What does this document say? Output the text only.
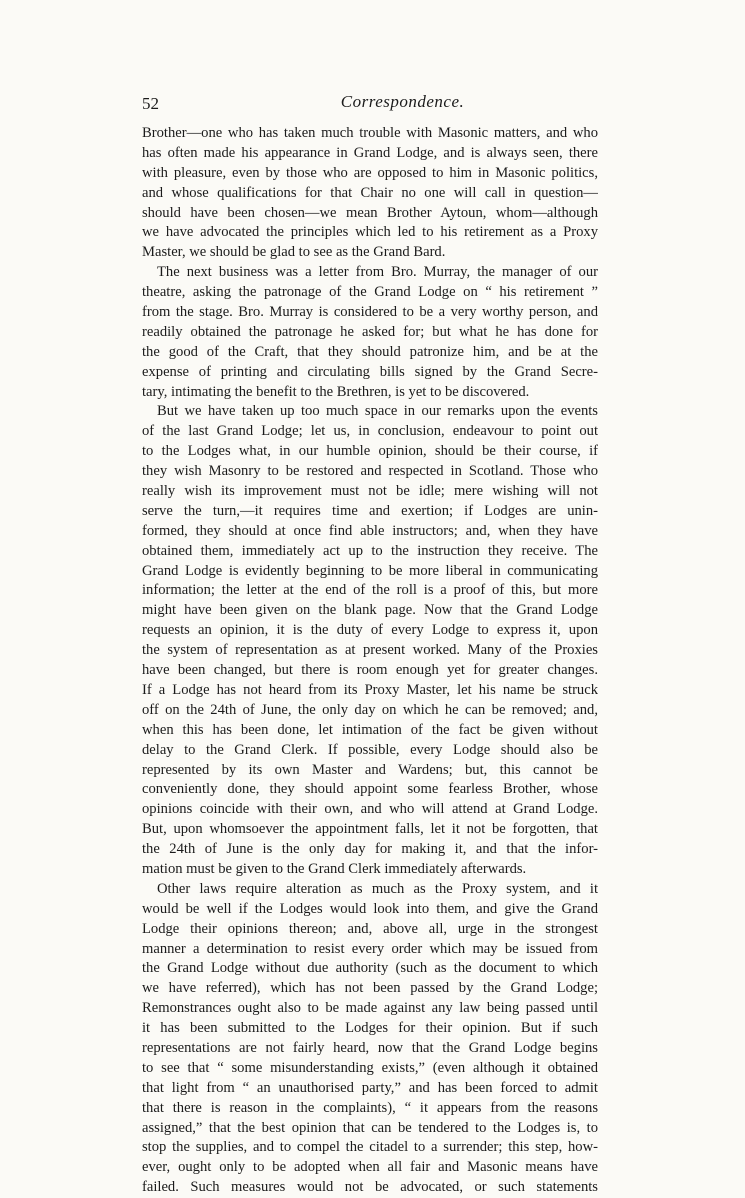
52	Correspondence.
Brother—one who has taken much trouble with Masonic matters, and who
has often made his appearance in Grand Lodge, and is always seen, there
with pleasure, even by those who are opposed to him in Masonic politics,
and whose qualifications for that Chair no one will call in question—
should have been chosen—we mean Brother Aytoun, whom—although
we have advocated the principles which led to his retirement as a Proxy
Master, we should be glad to see as the Grand Bard.
The next business was a letter from Bro. Murray, the manager of our
theatre, asking the patronage of the Grand Lodge on “ his retirement ”
from the stage. Bro. Murray is considered to be a very worthy person, and
readily obtained the patronage he asked for; but what he has done for
the good of the Craft, that they should patronize him, and be at the
expense of printing and circulating bills signed by the Grand Secre-
tary, intimating the benefit to the Brethren, is yet to be discovered.
But we have taken up too much space in our remarks upon the events
of the last Grand Lodge; let us, in conclusion, endeavour to point out
to the Lodges what, in our humble opinion, should be their course, if
they wish Masonry to be restored and respected in Scotland. Those who
really wish its improvement must not be idle; mere wishing will not
serve the turn,—it requires time and exertion; if Lodges are unin-
formed, they should at once find able instructors; and, when they have
obtained them, immediately act up to the instruction they receive. The
Grand Lodge is evidently beginning to be more liberal in communicating
information; the letter at the end of the roll is a proof of this, but more
might have been given on the blank page. Now that the Grand Lodge
requests an opinion, it is the duty of every Lodge to express it, upon
the system of representation as at present worked. Many of the Proxies
have been changed, but there is room enough yet for greater changes.
If a Lodge has not heard from its Proxy Master, let his name be struck
off on the 24th of June, the only day on which he can be removed; and,
when this has been done, let intimation of the fact be given without
delay to the Grand Clerk. If possible, every Lodge should also be
represented by its own Master and Wardens; but, this cannot be
conveniently done, they should appoint some fearless Brother, whose
opinions coincide with their own, and who will attend at Grand Lodge.
But, upon whomsoever the appointment falls, let it not be forgotten, that
the 24th of June is the only day for making it, and that the infor-
mation must be given to the Grand Clerk immediately afterwards.
Other laws require alteration as much as the Proxy system, and it
would be well if the Lodges would look into them, and give the Grand
Lodge their opinions thereon; and, above all, urge in the strongest
manner a determination to resist every order which may be issued from
the Grand Lodge without due authority (such as the document to which
we have referred), which has not been passed by the Grand Lodge;
Remonstrances ought also to be made against any law being passed until
it has been submitted to the Lodges for their opinion. But if such
representations are not fairly heard, now that the Grand Lodge begins
to see that “ some misunderstanding exists,” (even although it obtained
that light from “ an unauthorised party,” and has been forced to admit
that there is reason in the complaints), “ it appears from the reasons
assigned,” that the best opinion that can be tendered to the Lodges is, to
stop the supplies, and to compel the citadel to a surrender; this step, how-
ever, ought only to be adopted when all fair and Masonic means have
failed. Such measures would not be advocated, or such statements
